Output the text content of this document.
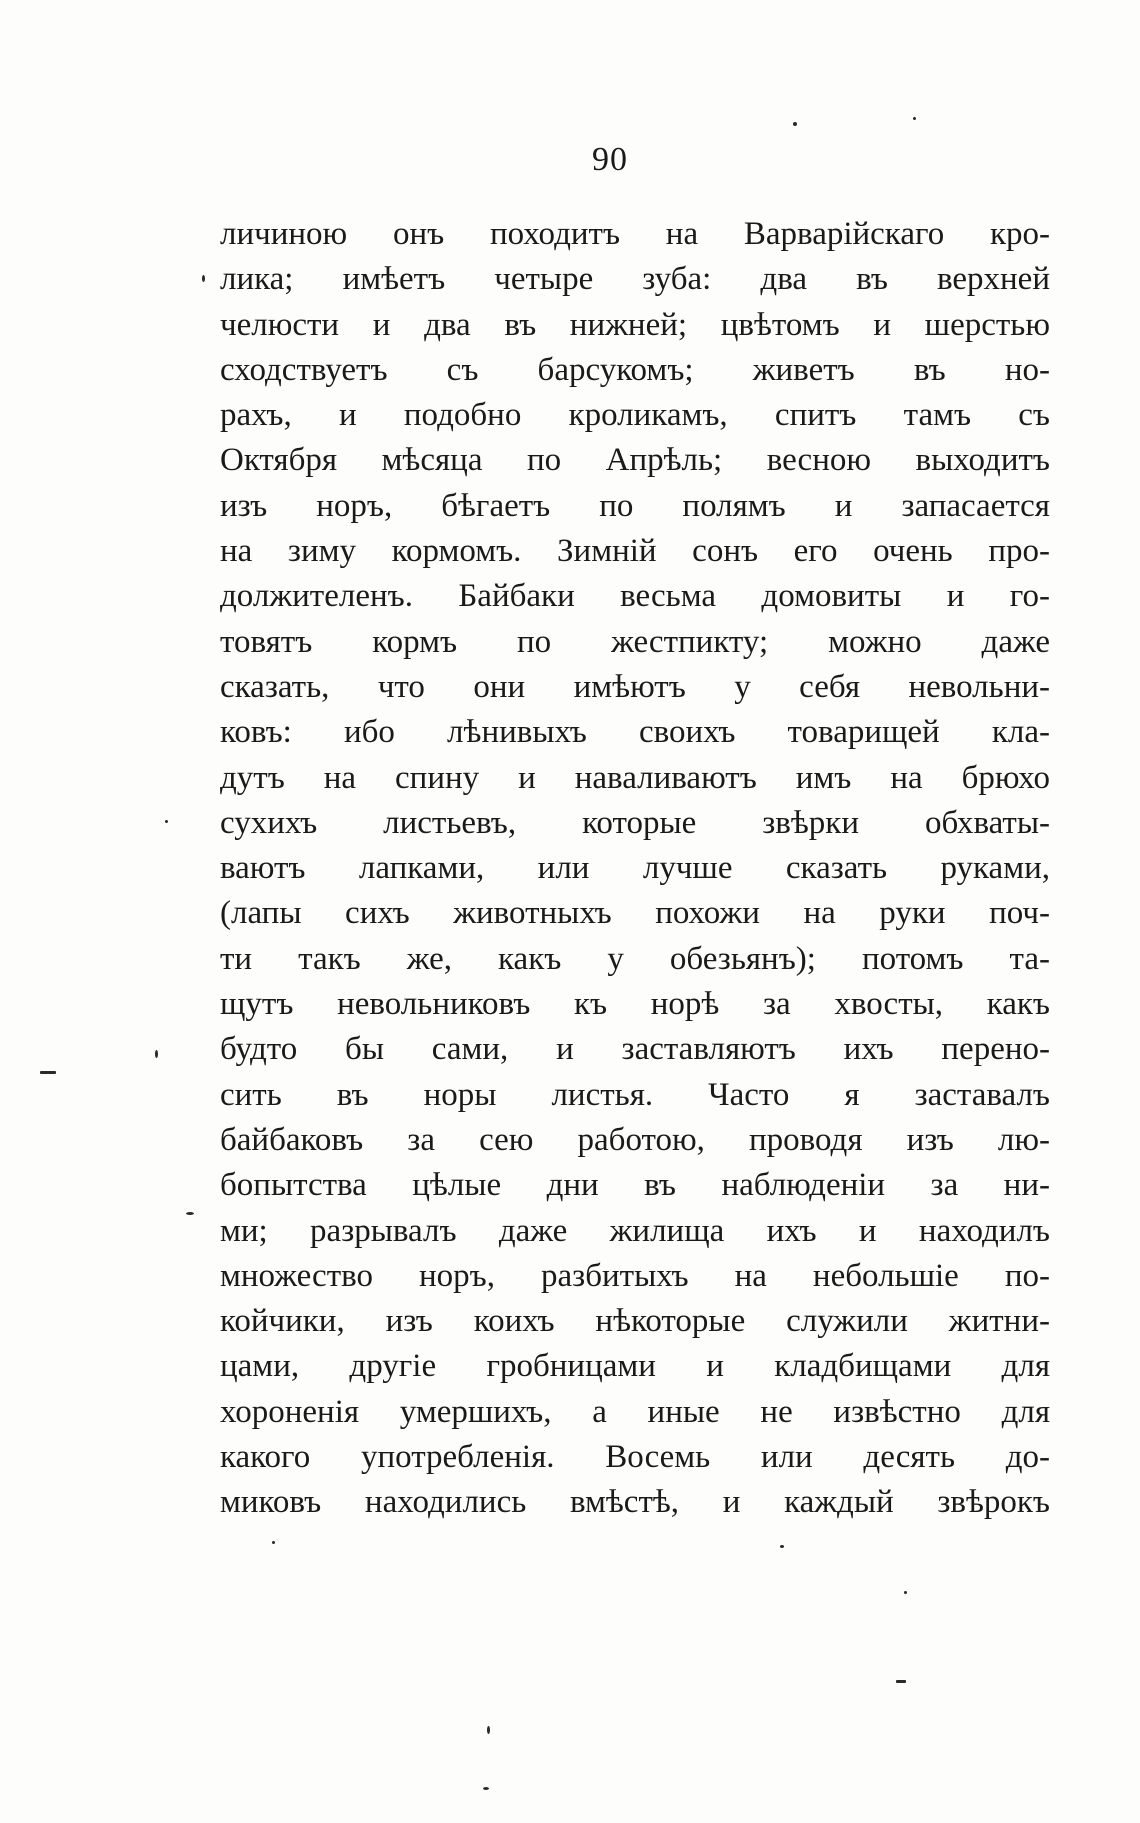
90
личиною онъ походитъ на Варварійскаго кро-
лика; имѣетъ четыре зуба: два въ верхней
челюсти и два въ нижней; цвѣтомъ и шерстью
сходствуетъ съ барсукомъ; живетъ въ но-
рахъ, и подобно кроликамъ, спитъ тамъ съ
Октября мѣсяца по Апрѣль; весною выходитъ
изъ норъ, бѣгаетъ по полямъ и запасается
на зиму кормомъ. Зимній сонъ его очень про-
должителенъ. Байбаки весьма домовиты и го-
товятъ кормъ по жестпикту; можно даже
сказать, что они имѣютъ у себя невольни-
ковъ: ибо лѣнивыхъ своихъ товарищей кла-
дутъ на спину и наваливаютъ имъ на брюхо
сухихъ листьевъ, которые звѣрки обхваты-
ваютъ лапками, или лучше сказать руками,
(лапы сихъ животныхъ похожи на руки поч-
ти такъ же, какъ у обезьянъ); потомъ та-
щутъ невольниковъ къ норѣ за хвосты, какъ
будто бы сами, и заставляютъ ихъ перено-
сить въ норы листья. Часто я заставалъ
байбаковъ за сею работою, проводя изъ лю-
бопытства цѣлые дни въ наблюденіи за ни-
ми; разрывалъ даже жилища ихъ и находилъ
множество норъ, разбитыхъ на небольшіе по-
койчики, изъ коихъ нѣкоторые служили житни-
цами, другіе гробницами и кладбищами для
хороненія умершихъ, а иные не извѣстно для
какого употребленія. Восемь или десять до-
миковъ находились вмѣстѣ, и каждый звѣрокъ
